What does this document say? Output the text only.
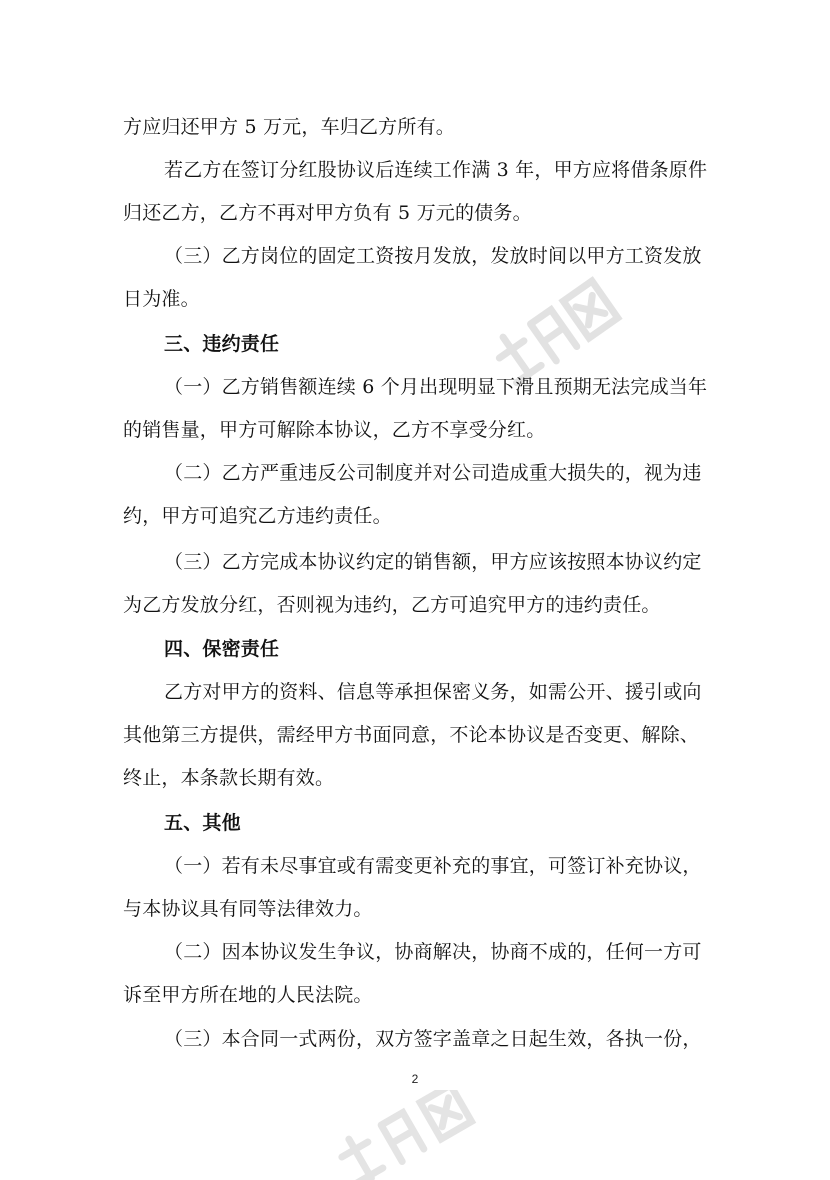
方应归还甲方 5 万元，车归乙方所有。
若乙方在签订分红股协议后连续工作满 3 年，甲方应将借条原件
归还乙方，乙方不再对甲方负有 5 万元的债务。
（三）乙方岗位的固定工资按月发放，发放时间以甲方工资发放
日为准。
三、违约责任
（一）乙方销售额连续 6 个月出现明显下滑且预期无法完成当年
的销售量，甲方可解除本协议，乙方不享受分红。
（二）乙方严重违反公司制度并对公司造成重大损失的，视为违
约，甲方可追究乙方违约责任。
（三）乙方完成本协议约定的销售额，甲方应该按照本协议约定
为乙方发放分红，否则视为违约，乙方可追究甲方的违约责任。
四、保密责任
乙方对甲方的资料、信息等承担保密义务，如需公开、援引或向
其他第三方提供，需经甲方书面同意，不论本协议是否变更、解除、
终止，本条款长期有效。
五、其他
（一）若有未尽事宜或有需变更补充的事宜，可签订补充协议，
与本协议具有同等法律效力。
（二）因本协议发生争议，协商解决，协商不成的，任何一方可
诉至甲方所在地的人民法院。
（三）本合同一式两份，双方签字盖章之日起生效，各执一份，
2
